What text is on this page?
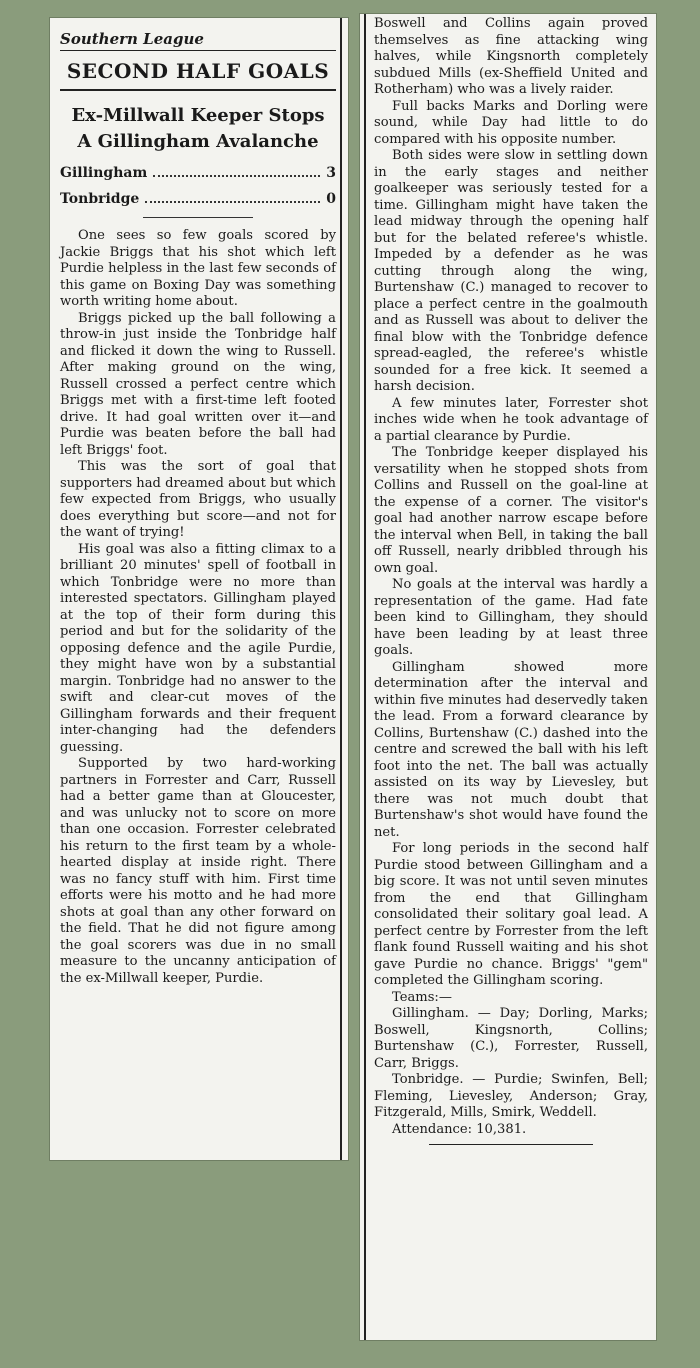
Southern League
SECOND HALF GOALS
Ex-Millwall Keeper Stops
A Gillingham Avalanche
Gillingham	3
Tonbridge	0

One sees so few goals scored by Jackie Briggs that his shot which left Purdie helpless in the last few seconds of this game on Boxing Day was something worth writing home about.

Briggs picked up the ball following a throw-in just inside the Tonbridge half and flicked it down the wing to Russell. After making ground on the wing, Russell crossed a perfect centre which Briggs met with a first-time left footed drive. It had goal written over it—and Purdie was beaten before the ball had left Briggs' foot.

This was the sort of goal that supporters had dreamed about but which few expected from Briggs, who usually does everything but score—and not for the want of trying!

His goal was also a fitting climax to a brilliant 20 minutes' spell of football in which Tonbridge were no more than interested spectators. Gillingham played at the top of their form during this period and but for the solidarity of the opposing defence and the agile Purdie, they might have won by a substantial margin. Tonbridge had no answer to the swift and clear-cut moves of the Gillingham forwards and their frequent inter-changing had the defenders guessing.

Supported by two hard-working partners in Forrester and Carr, Russell had a better game than at Gloucester, and was unlucky not to score on more than one occasion. Forrester celebrated his return to the first team by a whole-hearted display at inside right. There was no fancy stuff with him. First time efforts were his motto and he had more shots at goal than any other forward on the field. That he did not figure among the goal scorers was due in no small measure to the uncanny anticipation of the ex-Millwall keeper, Purdie.

Boswell and Collins again proved themselves as fine attacking wing halves, while Kingsnorth completely subdued Mills (ex-Sheffield United and Rotherham) who was a lively raider.

Full backs Marks and Dorling were sound, while Day had little to do compared with his opposite number.

Both sides were slow in settling down in the early stages and neither goalkeeper was seriously tested for a time. Gillingham might have taken the lead midway through the opening half but for the belated referee's whistle. Impeded by a defender as he was cutting through along the wing, Burtenshaw (C.) managed to recover to place a perfect centre in the goalmouth and as Russell was about to deliver the final blow with the Tonbridge defence spread-eagled, the referee's whistle sounded for a free kick. It seemed a harsh decision.

A few minutes later, Forrester shot inches wide when he took advantage of a partial clearance by Purdie.

The Tonbridge keeper displayed his versatility when he stopped shots from Collins and Russell on the goal-line at the expense of a corner. The visitor's goal had another narrow escape before the interval when Bell, in taking the ball off Russell, nearly dribbled through his own goal.

No goals at the interval was hardly a representation of the game. Had fate been kind to Gillingham, they should have been leading by at least three goals.

Gillingham showed more determination after the interval and within five minutes had deservedly taken the lead. From a forward clearance by Collins, Burtenshaw (C.) dashed into the centre and screwed the ball with his left foot into the net. The ball was actually assisted on its way by Lievesley, but there was not much doubt that Burtenshaw's shot would have found the net.

For long periods in the second half Purdie stood between Gillingham and a big score. It was not until seven minutes from the end that Gillingham consolidated their solitary goal lead. A perfect centre by Forrester from the left flank found Russell waiting and his shot gave Purdie no chance. Briggs' "gem" completed the Gillingham scoring.

Teams:—

Gillingham. — Day; Dorling, Marks; Boswell, Kingsnorth, Collins; Burtenshaw (C.), Forrester, Russell, Carr, Briggs.

Tonbridge. — Purdie; Swinfen, Bell; Fleming, Lievesley, Anderson; Gray, Fitzgerald, Mills, Smirk, Weddell.

Attendance: 10,381.
